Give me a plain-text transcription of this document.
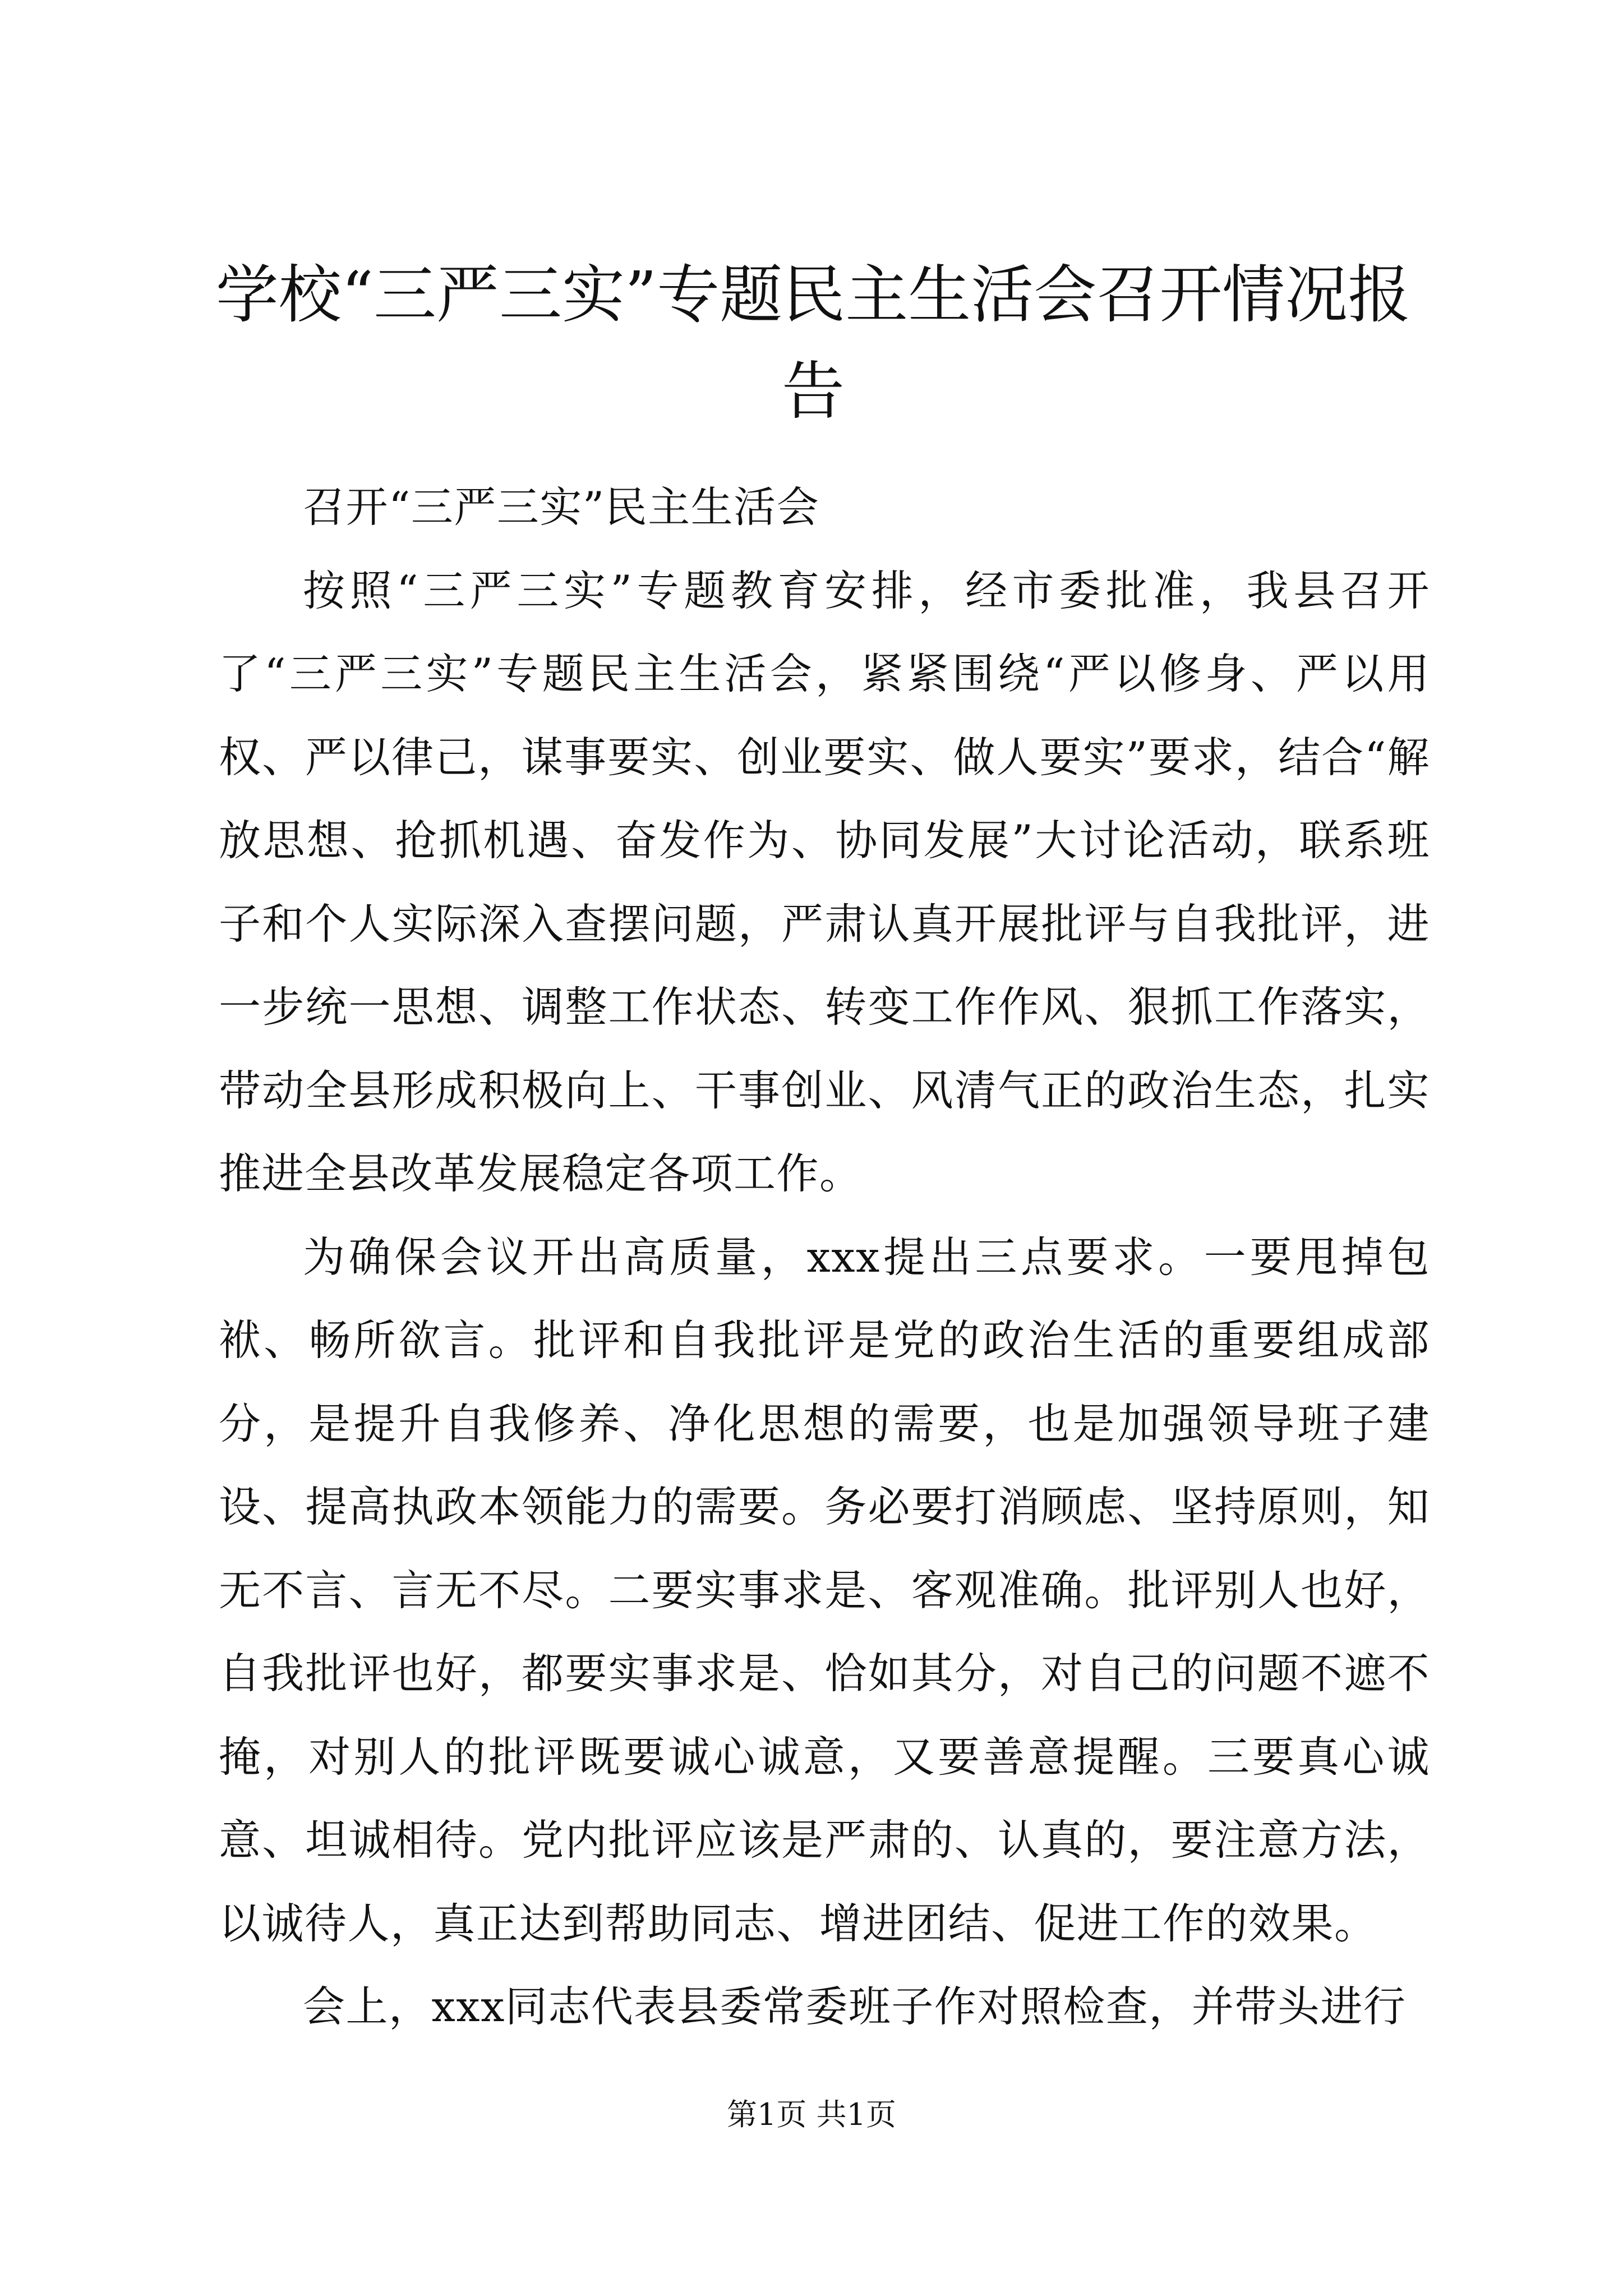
学校“三严三实”专题民主生活会召开情况报告

召开“三严三实”民主生活会

按照“三严三实”专题教育安排，经市委批准，我县召开了“三严三实”专题民主生活会，紧紧围绕“严以修身、严以用权、严以律己，谋事要实、创业要实、做人要实”要求，结合“解放思想、抢抓机遇、奋发作为、协同发展”大讨论活动，联系班子和个人实际深入查摆问题，严肃认真开展批评与自我批评，进一步统一思想、调整工作状态、转变工作作风、狠抓工作落实，带动全县形成积极向上、干事创业、风清气正的政治生态，扎实推进全县改革发展稳定各项工作。

为确保会议开出高质量，xxx提出三点要求。一要甩掉包袱、畅所欲言。批评和自我批评是党的政治生活的重要组成部分，是提升自我修养、净化思想的需要，也是加强领导班子建设、提高执政本领能力的需要。务必要打消顾虑、坚持原则，知无不言、言无不尽。二要实事求是、客观准确。批评别人也好，自我批评也好，都要实事求是、恰如其分，对自己的问题不遮不掩，对别人的批评既要诚心诚意，又要善意提醒。三要真心诚意、坦诚相待。党内批评应该是严肃的、认真的，要注意方法，以诚待人，真正达到帮助同志、增进团结、促进工作的效果。

会上，xxx同志代表县委常委班子作对照检查，并带头进行

第1页 共1页
